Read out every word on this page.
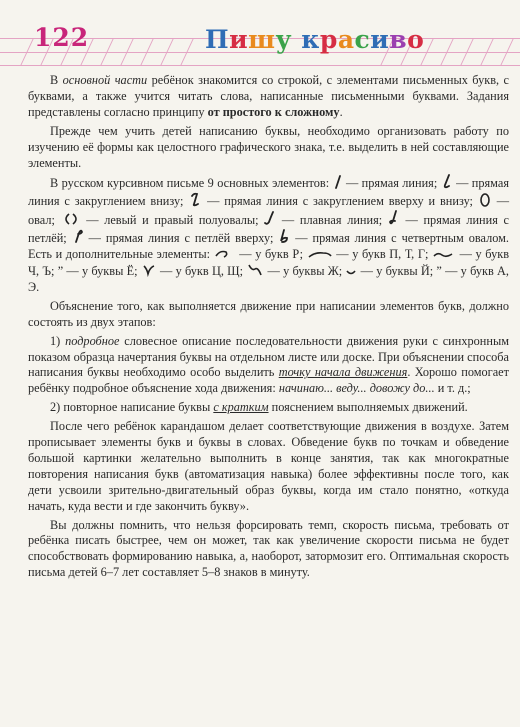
122	Пишу красиво

В основной части ребёнок знакомится со строкой, с элементами письменных букв, с буквами, а также учится читать слова, написанные письменными буквами. Задания представлены согласно принципу от простого к сложному.

Прежде чем учить детей написанию буквы, необходимо организовать работу по изучению её формы как целостного графического знака, т.е. выделить в ней составляющие элементы.

В русском курсивном письме 9 основных элементов:  — прямая линия;  — прямая линия с закруглением внизу;  — прямая линия с закруглением вверху и внизу;  — овал;  — левый и правый полуовалы;  — плавная линия;  — прямая линия с петлёй;  — прямая линия с петлёй вверху;  — прямая линия с четвертным овалом. Есть и дополнительные элементы:  — у букв Р;  — у букв П, Т, Г;  — у букв Ч, Ъ; ” — у буквы Ё;  — у букв Ц, Щ;  — у буквы Ж;  — у буквы Й; ” — у букв А, Э.

Объяснение того, как выполняется движение при написании элементов букв, должно состоять из двух этапов:

1) подробное словесное описание последовательности движения руки с синхронным показом образца начертания буквы на отдельном листе или доске. При объяснении способа написания буквы необходимо особо выделить точку начала движения. Хорошо помогает ребёнку подробное объяснение хода движения: начинаю... веду... довожу до... и т. д.;

2) повторное написание буквы с кратким пояснением выполняемых движений.

После чего ребёнок карандашом делает соответствующие движения в воздухе. Затем прописывает элементы букв и буквы в словах. Обведение букв по точкам и обведение большой картинки желательно выполнить в конце занятия, так как многократные повторения написания букв (автоматизация навыка) более эффективны после того, как дети усвоили зрительно-двигательный образ буквы, когда им стало понятно, «откуда начать, куда вести и где закончить букву».

Вы должны помнить, что нельзя форсировать темп, скорость письма, требовать от ребёнка писать быстрее, чем он может, так как увеличение скорости письма не будет способствовать формированию навыка, а, наоборот, затормозит его. Оптимальная скорость письма детей 6–7 лет составляет 5–8 знаков в минуту.
